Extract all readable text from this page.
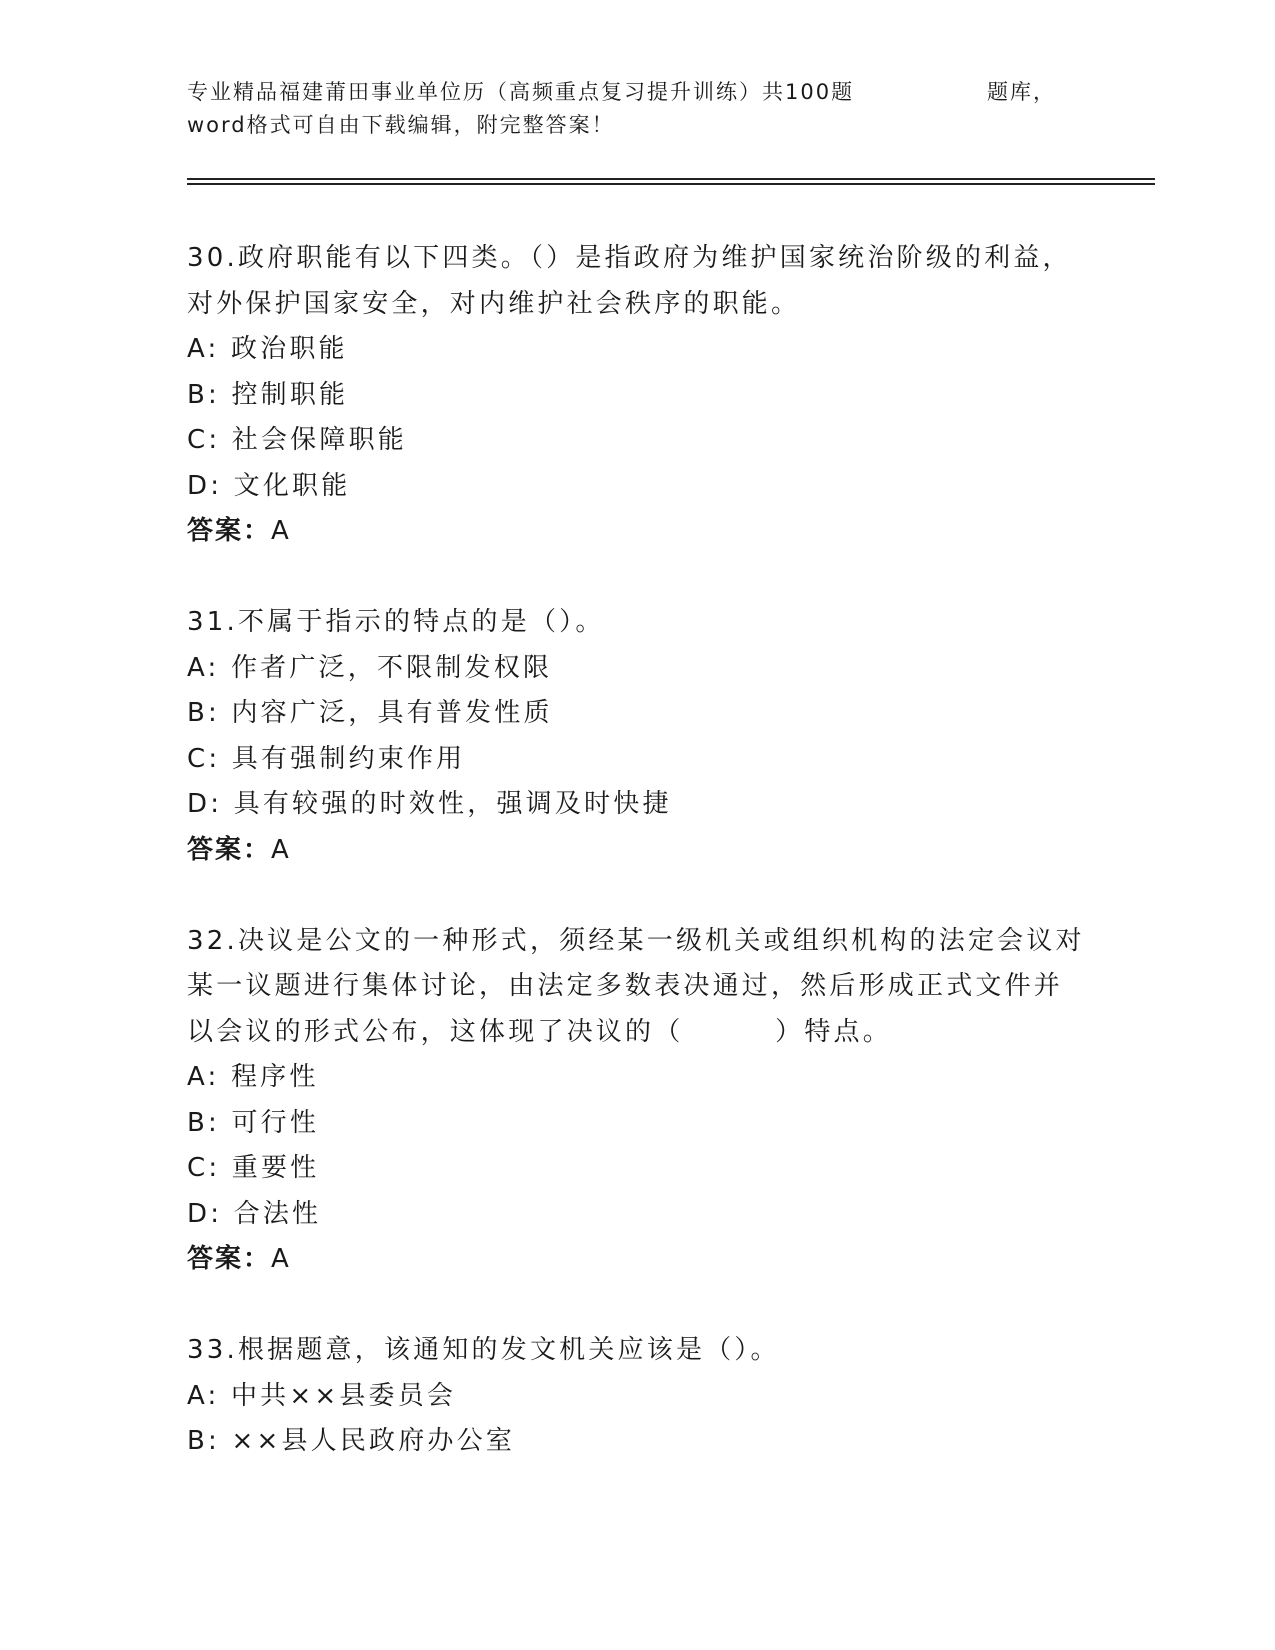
专业精品福建莆田事业单位历（高频重点复习提升训练）共100题	题库，
word格式可自由下载编辑，附完整答案！
30.政府职能有以下四类。（）是指政府为维护国家统治阶级的利益，
对外保护国家安全，对内维护社会秩序的职能。
A: 政治职能
B: 控制职能
C: 社会保障职能
D: 文化职能
答案：A
31.不属于指示的特点的是（）。
A: 作者广泛，不限制发权限
B: 内容广泛，具有普发性质
C: 具有强制约束作用
D: 具有较强的时效性，强调及时快捷
答案：A
32.决议是公文的一种形式，须经某一级机关或组织机构的法定会议对
某一议题进行集体讨论，由法定多数表决通过，然后形成正式文件并
以会议的形式公布，这体现了决议的（        ）特点。
A: 程序性
B: 可行性
C: 重要性
D: 合法性
答案：A
33.根据题意，该通知的发文机关应该是（）。
A: 中共××县委员会
B: ××县人民政府办公室
